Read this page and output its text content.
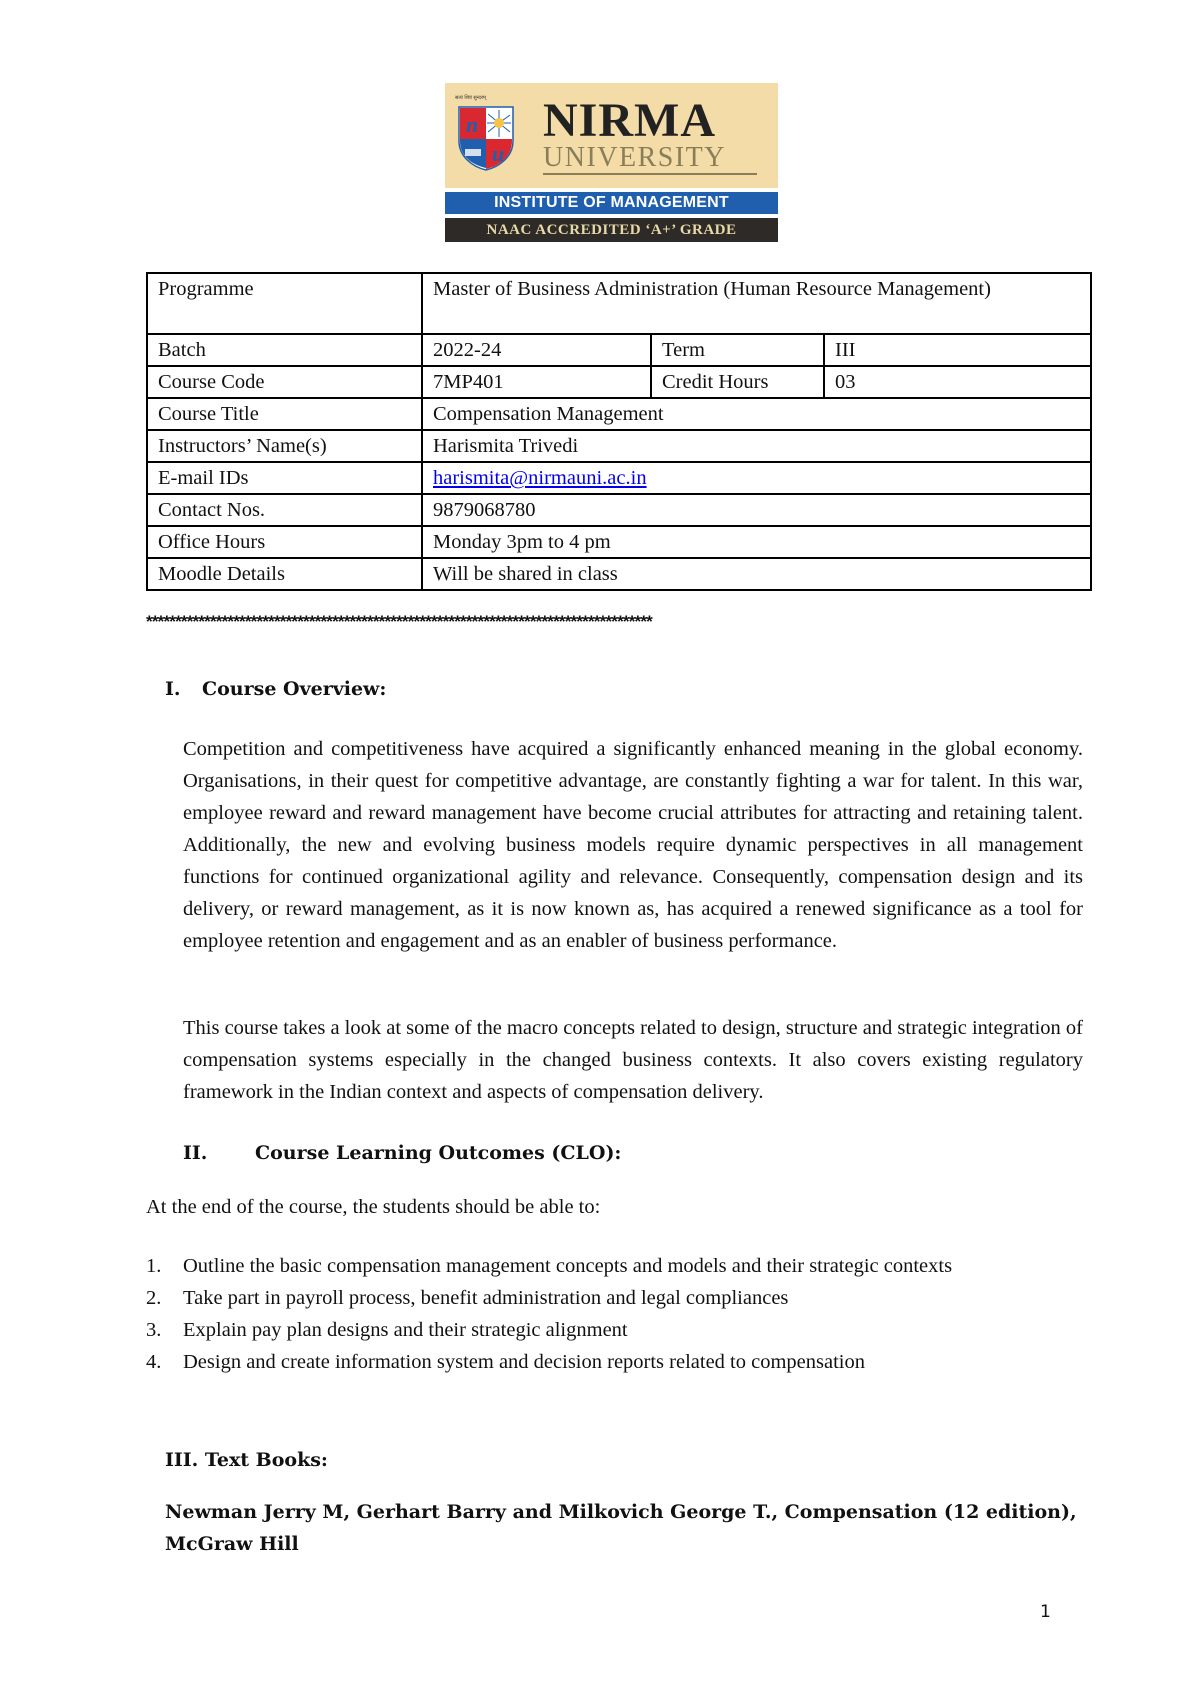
सत्यं शिवं सुन्दरम्
n
u
NIRMA
UNIVERSITY
INSTITUTE OF MANAGEMENT
NAAC ACCREDITED ‘A+’ GRADE
Programme	Master of Business Administration (Human Resource Management)		
Batch	2022-24	Term	III
Course Code	7MP401	Credit Hours	03
Course Title	Compensation Management		
Instructors’ Name(s)	Harismita Trivedi		
E-mail IDs	harismita@nirmauni.ac.in		
Contact Nos.	9879068780		
Office Hours	Monday 3pm to 4 pm		
Moodle Details	Will be shared in class		
***************************************************************************************
I. Course Overview:
Competition and competitiveness have acquired a significantly enhanced meaning in the global economy. Organisations, in their quest for competitive advantage, are constantly fighting a war for talent. In this war, employee reward and reward management have become crucial attributes for attracting and retaining talent. Additionally, the new and evolving business models require dynamic perspectives in all management functions for continued organizational agility and relevance. Consequently, compensation design and its delivery, or reward management, as it is now known as, has acquired a renewed significance as a tool for employee retention and engagement and as an enabler of business performance.
This course takes a look at some of the macro concepts related to design, structure and strategic integration of compensation systems especially in the changed business contexts. It also covers existing regulatory framework in the Indian context and aspects of compensation delivery.
II.	Course Learning Outcomes (CLO):
At the end of the course, the students should be able to:
1. Outline the basic compensation management concepts and models and their strategic contexts
2. Take part in payroll process, benefit administration and legal compliances
3. Explain pay plan designs and their strategic alignment
4. Design and create information system and decision reports related to compensation
III. Text Books:
Newman Jerry M, Gerhart Barry and Milkovich George T., Compensation (12 edition), McGraw Hill
1
